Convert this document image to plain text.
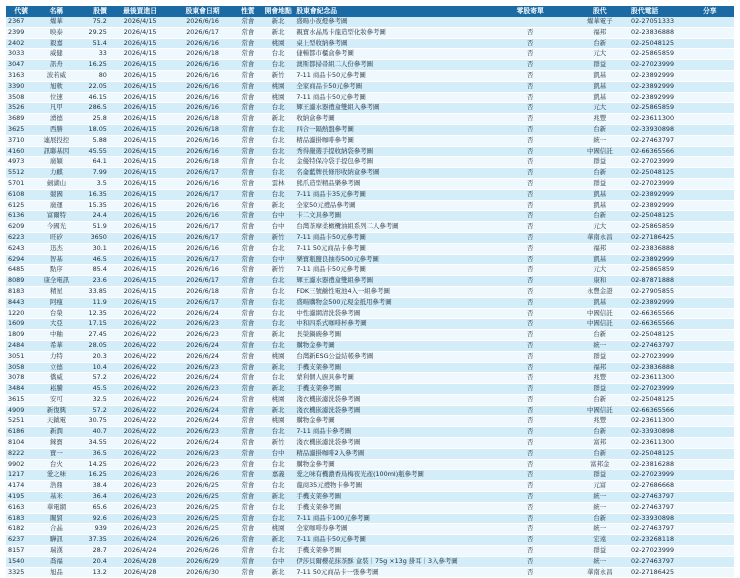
代號	名稱	股價	最後買進日	股東會日期	性質	開會地點	股東會紀念品	零股寄單	股代	股代電話	分享
2367	燿華	75.2	2026/4/15	2026/6/16	常會	新北	盛暘小夜燈參考圖		燿華電子	02-27051333	
2399	映泰	29.25	2026/4/15	2026/6/17	常會	新北	親寶水晶馬卡龍造型化妝參考圖	否	福邦	02-23836888	
2402	毅嘉	51.4	2026/4/15	2026/6/16	常會	桃園	桌上型收納參考圖	否	台新	02-25048125	
3033	威健	33	2026/4/15	2026/6/18	常會	台北	倢暢都市櫃盒參考圖	否	元大	02-25865859	
3047	訊舟	16.25	2026/4/15	2026/6/16	常會	台北	澳斯都掃帚組二人份參考圖	否	群益	02-27023999	
3163	波若威	80	2026/4/15	2026/6/16	常會	新竹	7-11 商品卡50元參考圖	否	凱基	02-23892999	
3390	旭軟	22.05	2026/4/15	2026/6/16	常會	桃園	全家商品卡50元參考圖	否	凱基	02-23892999	
3508	位速	46.15	2026/4/15	2026/6/16	常會	桃園	7-11 商品卡50元參考圖	否	凱基	02-23892999	
3526	凡甲	286.5	2026/4/15	2026/6/16	常會	台北	輝王濾水器禮盒雙組入參考圖	否	元大	02-25865859	
3689	湧德	25.8	2026/4/15	2026/6/18	常會	新北	收納盒參考圖	否	兆豐	02-23611300	
3625	西勝	18.05	2026/4/15	2026/6/18	常會	台北	四合一隔熱盤參考圖	否	台新	02-33930898	
3710	連展投控	5.88	2026/4/15	2026/6/16	常會	台北	精品濾掛咖啡參考圖	否	統一	02-27463797	
4160	訊聯基因	45.55	2026/4/15	2026/6/16	常會	台北	秀得嚴選手提收納袋參考圖	否	中國信託	02-66365566	
4973	廣穎	64.1	2026/4/15	2026/6/18	常會	台北	金優特保冷袋手提包參考圖	否	群益	02-27023999	
5512	力麒	7.99	2026/4/15	2026/6/17	常會	台北	名侖藍牌長條形收納盒參考圖	否	台新	02-25048125	
5701	劍湖山	3.5	2026/4/15	2026/6/16	常會	雲林	熊爪造型精品樂參考圖	否	群益	02-27023999	
6108	競國	16.35	2026/4/15	2026/6/17	常會	台北	7-11 商品卡35元參考圖	否	凱基	02-23892999	
6125	廣運	15.35	2026/4/15	2026/6/16	常會	新北	全家50元禮品參考圖	否	凱基	02-23892999	
6136	富爾特	24.4	2026/4/15	2026/6/16	常會	台中	卡二文具參考圖	否	台新	02-25048125	
6209	今國光	51.9	2026/4/15	2026/6/17	常會	台中	台灣茶摩柔橄欖油組系列二人參考圖	否	元大	02-25865859	
6223	旺矽	3650	2026/4/15	2026/6/17	常會	新竹	7-11 商品卡50元參考圖	否	華南永昌	02-27186425	
6243	迅杰	30.1	2026/4/15	2026/6/16	常會	台北	7-11 50元商品卡參考圖	否	福邦	02-23836888	
6294	智基	46.5	2026/4/15	2026/6/17	常會	台中	樂寶瓶鹽良抽券500元參考圖	否	凱基	02-23892999	
6485	點序	85.4	2026/4/15	2026/6/16	常會	新竹	7-11 商品卡50元參考圖	否	元大	02-25865859	
8089	康全電訊	23.6	2026/4/15	2026/6/17	常會	台北	輝王濾水器禮盒雙組參考圖	否	康和	02-87871888	
8183	精星	33.85	2026/4/15	2026/6/18	常會	台北	FDK三號鹼性電池4入一組參考圖	否	永豐金證	02-27905855	
8443	阿瘦	11.9	2026/4/15	2026/6/17	常會	台北	盛暘購物金500元現金抵用參考圖	否	凱基	02-23892999	
1220	台榮	12.35	2026/4/22	2026/6/24	常會	台北	中性濾網清洗袋參考圖	否	中國信託	02-66365566	
1609	大亞	17.15	2026/4/22	2026/6/23	常會	台北	中和四系式咖啡杯參考圖	否	中國信託	02-66365566	
1809	中釉	27.45	2026/4/22	2026/6/23	常會	新北	長榮鍋碗參考圖	否	台新	02-25048125	
2484	希華	28.05	2026/4/22	2026/6/24	常會	台北	購物金參考圖	否	統一	02-27463797	
3051	力特	20.3	2026/4/22	2026/6/24	常會	桃園	台灣新ESG公益結帳參考圖	否	群益	02-27023999	
3058	立德	10.4	2026/4/22	2026/6/23	常會	新北	手機支架參考圖	否	福邦	02-23836888	
3078	僑威	57.2	2026/4/22	2026/6/24	常會	台北	蒙利個人廚具參考圖	否	兆豐	02-23611300	
3484	崧騰	45.5	2026/4/22	2026/6/23	常會	新北	手機支架參考圖	否	群益	02-27023999	
3615	安可	32.5	2026/4/22	2026/6/24	常會	桃園	淺衣機嵌濾洗袋參考圖	否	台新	02-25048125	
4909	新復興	57.2	2026/4/22	2026/6/24	常會	新北	淺衣機嵌濾洗袋參考圖	否	中國信託	02-66365566	
5251	天鉞電	30.75	2026/4/22	2026/6/24	常會	桃園	購物金參考圖	否	兆豐	02-23611300	
6186	新潤	40.7	2026/4/22	2026/6/23	常會	台北	7-11 商品卡參考圖	否	台新	02-33930898	
8104	錸寶	34.55	2026/4/22	2026/6/24	常會	新竹	淺衣機嵌濾洗袋參考圖	否	富邦	02-23611300	
8222	寶一	36.5	2026/4/22	2026/6/23	常會	台中	精品濾掛咖啡2入參考圖	否	台新	02-25048125	
9902	台火	14.25	2026/4/22	2026/6/23	常會	台北	購物金參考圖	否	富邦金	02-23816288	
1217	愛之味	16.25	2026/4/23	2026/6/26	常會	嘉義	愛之味有機濃香烏梅夜光產(100ml)瓶參考圖	否	群益	02-27023999	
4174	浩鼎	38.4	2026/4/23	2026/6/25	常會	台北	龍商35元禮物卡參考圖	否	元富	02-27686668	
4195	基米	36.4	2026/4/23	2026/6/25	常會	新北	手機支架參考圖	否	統一	02-27463797	
6163	華電網	65.6	2026/4/23	2026/6/25	常會	台北	手機支架參考圖	否	統一	02-27463797	
6183	關貿	92.6	2026/4/23	2026/6/25	常會	台北	7-11 商品卡100元參考圖	否	台新	02-33930898	
6182	合晶	939	2026/4/23	2026/6/25	常會	桃園	全家咖啡券參考圖	否	統一	02-27463797	
6237	驊訊	37.35	2026/4/24	2026/6/26	常會	新北	7-11 商品卡50元參考圖	否	宏遠	02-23268118	
8157	瑞漢	28.7	2026/4/24	2026/6/26	常會	台北	手機支架參考圖	否	群益	02-27023999	
1540	喬福	20.4	2026/4/28	2026/6/29	常會	台中	伊莎貝爾櫻花抹茶酥 盒裝｜75g ×13g 掛耳｜3入參考圖	否	統一	02-27463797	
3325	旭品	13.2	2026/4/28	2026/6/30	常會	新北	7-11 50元商品卡一張參考圖	否	華南永昌	02-27186425	
